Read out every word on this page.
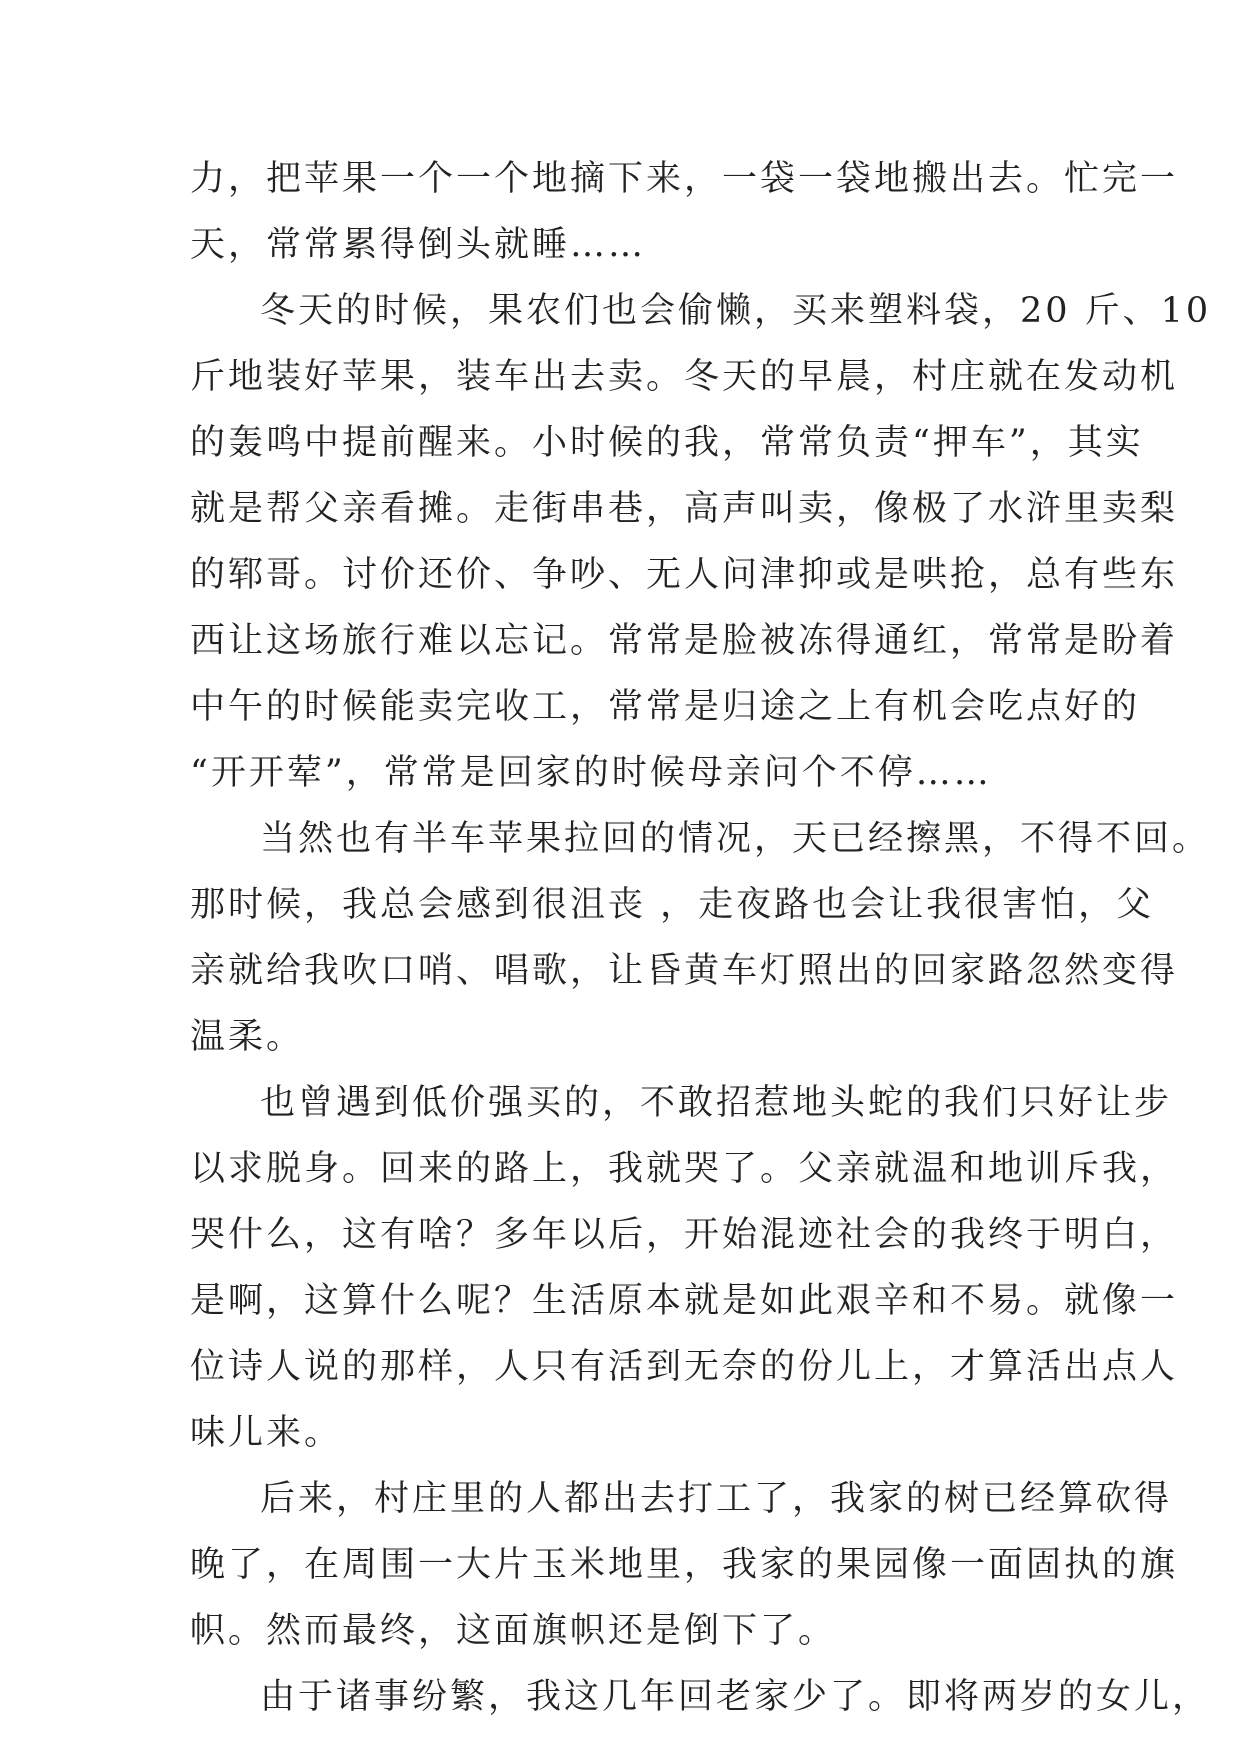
力，把苹果一个一个地摘下来，一袋一袋地搬出去。忙完一
天，常常累得倒头就睡……
冬天的时候，果农们也会偷懒，买来塑料袋，20 斤、10
斤地装好苹果，装车出去卖。冬天的早晨，村庄就在发动机
的轰鸣中提前醒来。小时候的我，常常负责“押车”，其实
就是帮父亲看摊。走街串巷，高声叫卖，像极了水浒里卖梨
的郓哥。讨价还价、争吵、无人问津抑或是哄抢，总有些东
西让这场旅行难以忘记。常常是脸被冻得通红，常常是盼着
中午的时候能卖完收工，常常是归途之上有机会吃点好的
“开开荤”，常常是回家的时候母亲问个不停……
当然也有半车苹果拉回的情况，天已经擦黑，不得不回。
那时候，我总会感到很沮丧 ，走夜路也会让我很害怕，父
亲就给我吹口哨、唱歌，让昏黄车灯照出的回家路忽然变得
温柔。
也曾遇到低价强买的，不敢招惹地头蛇的我们只好让步
以求脱身。回来的路上，我就哭了。父亲就温和地训斥我，
哭什么，这有啥？多年以后，开始混迹社会的我终于明白，
是啊，这算什么呢？生活原本就是如此艰辛和不易。就像一
位诗人说的那样，人只有活到无奈的份儿上，才算活出点人
味儿来。
后来，村庄里的人都出去打工了，我家的树已经算砍得
晚了，在周围一大片玉米地里，我家的果园像一面固执的旗
帜。然而最终，这面旗帜还是倒下了。
由于诸事纷繁，我这几年回老家少了。即将两岁的女儿，
